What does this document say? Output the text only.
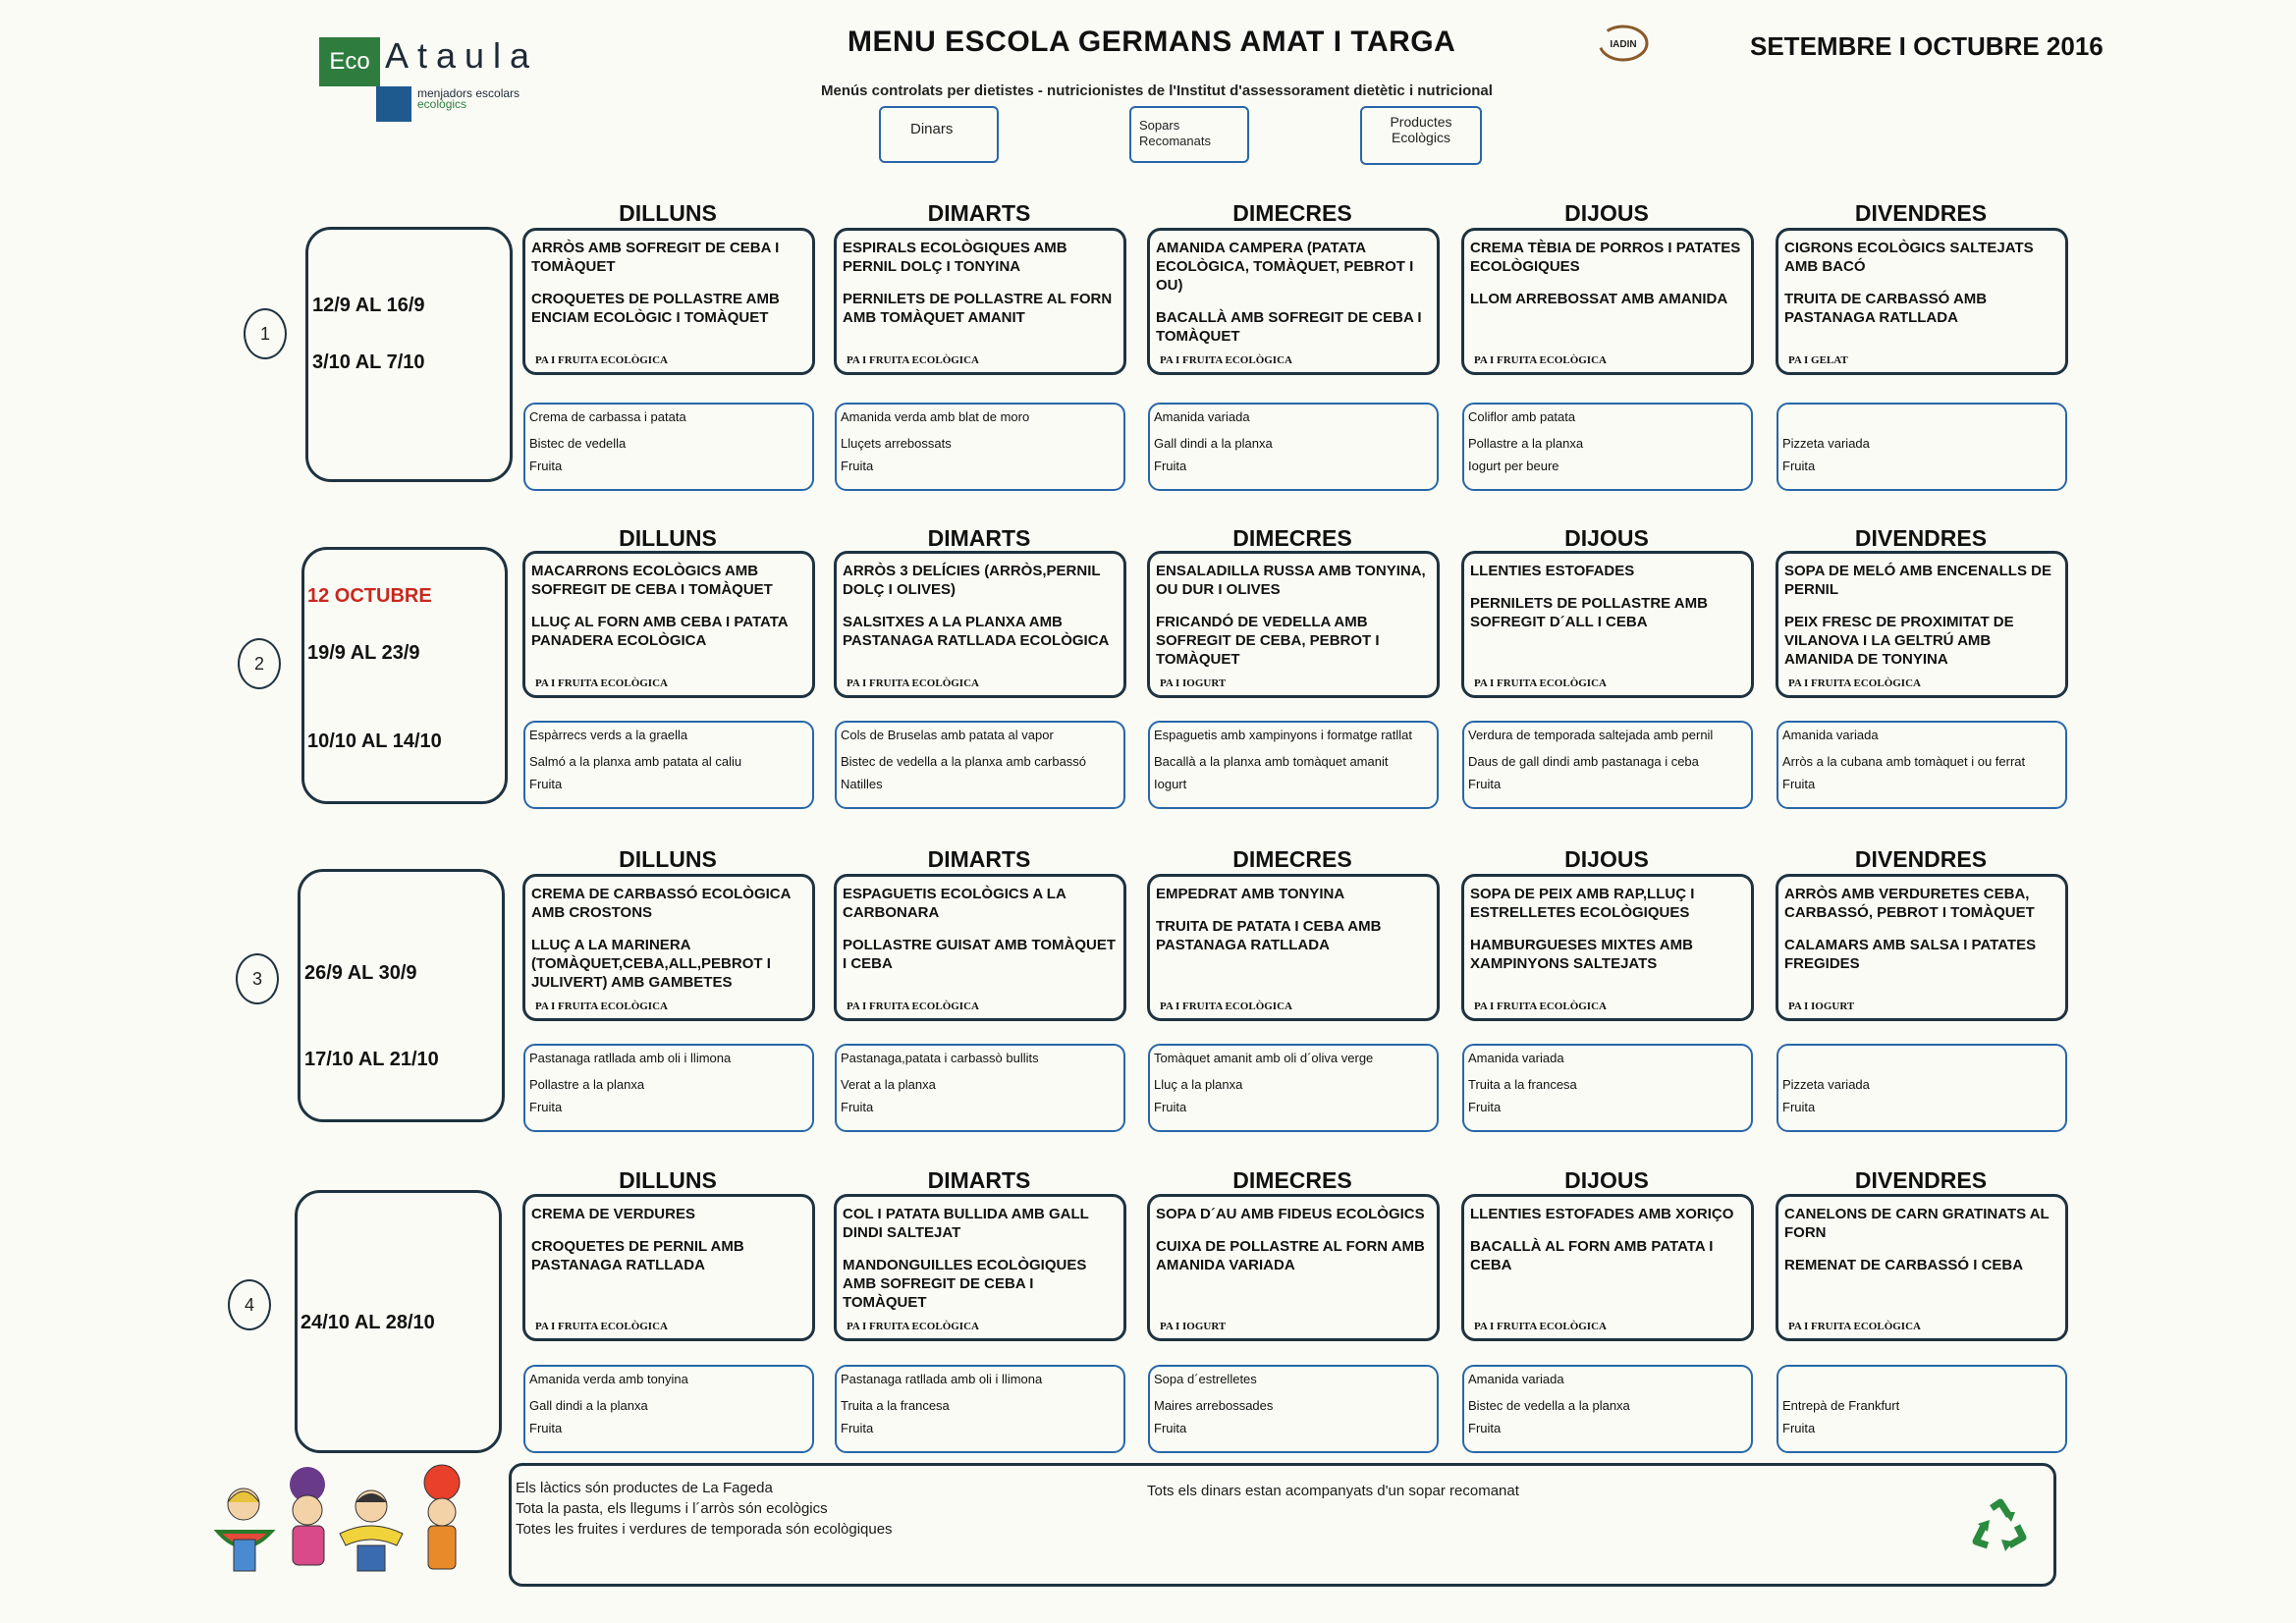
Eco Ataula
menjadors escolars
ecològics
MENU ESCOLA GERMANS AMAT I TARGA	IADIN	SETEMBRE I OCTUBRE 2016
Menús controlats per dietistes - nutricionistes de l'Institut d'assessorament dietètic i nutricional
Dinars	Sopars
Recomanats
Productes
Ecològics
DILLUNS	DIMARTS	DIMECRES	DIJOUS	DIVENDRES
1
12/9 AL 16/9
3/10 AL 7/10
ARRÒS AMB SOFREGIT DE CEBA I TOMÀQUET
CROQUETES DE POLLASTRE AMB ENCIAM ECOLÒGIC I TOMÀQUET
PA I FRUITA ECOLÒGICA
ESPIRALS ECOLÒGIQUES AMB PERNIL DOLÇ I TONYINA
PERNILETS DE POLLASTRE AL FORN AMB TOMÀQUET AMANIT
PA I FRUITA ECOLÒGICA
AMANIDA CAMPERA (PATATA ECOLÒGICA, TOMÀQUET, PEBROT I OU)
BACALLÀ AMB SOFREGIT DE CEBA I TOMÀQUET
PA I FRUITA ECOLÒGICA
CREMA TÈBIA DE PORROS I PATATES ECOLÒGIQUES
LLOM ARREBOSSAT AMB AMANIDA
PA I FRUITA ECOLÒGICA
CIGRONS ECOLÒGICS SALTEJATS AMB BACÓ
TRUITA DE CARBASSÓ AMB PASTANAGA RATLLADA
PA I GELAT
Crema de carbassa i patata
Bistec de vedella
Fruita
Amanida verda amb blat de moro
Lluçets arrebossats
Fruita
Amanida variada
Gall dindi a la planxa
Fruita
Coliflor amb patata
Pollastre a la planxa
Iogurt per beure

Pizzeta variada
Fruita
DILLUNS	DIMARTS	DIMECRES	DIJOUS	DIVENDRES
2
12 OCTUBRE
19/9 AL 23/9
10/10 AL 14/10
MACARRONS ECOLÒGICS AMB SOFREGIT DE CEBA I TOMÀQUET
LLUÇ AL FORN AMB CEBA I PATATA PANADERA ECOLÒGICA
PA I FRUITA ECOLÒGICA
ARRÒS 3 DELÍCIES (ARRÒS,PERNIL DOLÇ I OLIVES)
SALSITXES A LA PLANXA AMB PASTANAGA RATLLADA ECOLÒGICA
PA I FRUITA ECOLÒGICA
ENSALADILLA RUSSA AMB TONYINA, OU DUR I OLIVES
FRICANDÓ DE VEDELLA AMB SOFREGIT DE CEBA, PEBROT I TOMÀQUET
PA I IOGURT
LLENTIES ESTOFADES
PERNILETS DE POLLASTRE AMB SOFREGIT D´ALL I CEBA
PA I FRUITA ECOLÒGICA
SOPA DE MELÓ AMB ENCENALLS DE PERNIL
PEIX FRESC DE PROXIMITAT DE VILANOVA I LA GELTRÚ AMB AMANIDA DE TONYINA
PA I FRUITA ECOLÒGICA
Espàrrecs verds a la graella
Salmó a la planxa amb patata al caliu
Fruita
Cols de Bruselas amb patata al vapor
Bistec de vedella a la planxa amb carbassó
Natilles
Espaguetis amb xampinyons i formatge ratllat
Bacallà a la planxa amb tomàquet amanit
Iogurt
Verdura de temporada saltejada amb pernil
Daus de gall dindi amb pastanaga i ceba
Fruita
Amanida variada
Arròs a la cubana amb tomàquet i ou ferrat
Fruita
DILLUNS	DIMARTS	DIMECRES	DIJOUS	DIVENDRES
3	26/9 AL 30/9
17/10 AL 21/10
CREMA DE CARBASSÓ ECOLÒGICA AMB CROSTONS
LLUÇ A LA MARINERA (TOMÀQUET,CEBA,ALL,PEBROT I JULIVERT) AMB GAMBETES
PA I FRUITA ECOLÒGICA
ESPAGUETIS ECOLÒGICS A LA CARBONARA
POLLASTRE GUISAT AMB TOMÀQUET I CEBA
PA I FRUITA ECOLÒGICA
EMPEDRAT AMB TONYINA
TRUITA DE PATATA I CEBA AMB PASTANAGA RATLLADA
PA I FRUITA ECOLÒGICA
SOPA DE PEIX AMB RAP,LLUÇ I ESTRELLETES ECOLÒGIQUES
HAMBURGUESES MIXTES AMB XAMPINYONS SALTEJATS
PA I FRUITA ECOLÒGICA
ARRÒS AMB VERDURETES CEBA, CARBASSÓ, PEBROT I TOMÀQUET
CALAMARS AMB SALSA I PATATES FREGIDES
PA I IOGURT
Pastanaga ratllada amb oli i llimona
Pollastre a la planxa
Fruita
Pastanaga,patata i carbassò bullits
Verat a la planxa
Fruita
Tomàquet amanit amb oli d´oliva verge
Lluç a la planxa
Fruita
Amanida variada
Truita a la francesa
Fruita

Pizzeta variada
Fruita
DILLUNS	DIMARTS	DIMECRES	DIJOUS	DIVENDRES
4
24/10 AL 28/10
CREMA DE VERDURES
CROQUETES DE PERNIL AMB PASTANAGA RATLLADA
PA I FRUITA ECOLÒGICA
COL I PATATA BULLIDA AMB GALL DINDI SALTEJAT
MANDONGUILLES ECOLÒGIQUES AMB SOFREGIT DE CEBA I TOMÀQUET
PA I FRUITA ECOLÒGICA
SOPA D´AU AMB FIDEUS ECOLÒGICS
CUIXA DE POLLASTRE AL FORN AMB AMANIDA VARIADA
PA I IOGURT
LLENTIES ESTOFADES AMB XORIÇO
BACALLÀ AL FORN AMB PATATA I CEBA
PA I FRUITA ECOLÒGICA
CANELONS DE CARN GRATINATS AL FORN
REMENAT DE CARBASSÓ I CEBA
PA I FRUITA ECOLÒGICA
Amanida verda amb tonyina
Gall dindi a la planxa
Fruita
Pastanaga ratllada amb oli i llimona
Truita a la francesa
Fruita
Sopa d´estrelletes
Maires arrebossades
Fruita
Amanida variada
Bistec de vedella a la planxa
Fruita

Entrepà de Frankfurt
Fruita
Els làctics són productes de La Fageda
Tota la pasta, els llegums i l´arròs són ecològics
Totes les fruites i verdures de temporada són ecològiques
Tots els dinars estan acompanyats d'un sopar recomanat
